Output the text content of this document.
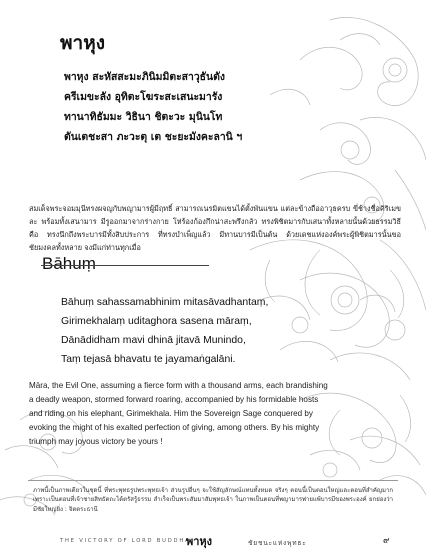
พาหุง
พาหุง สะหัสสะมะภินิมมิตะสาวุธันตัง
ครีเมขะลัง อุทิตะโฆระสะเสนะมารัง
ทานาทิธัมมะ วิธินา ชิตะวะ มุนินโท
ตันเตชะสา ภะวะตุ เต ชะยะมังคะลานิ ฯ
สมเด็จพระจอมมุนีทรงผจญกับพญามารผู้มีฤทธิ์ สามารถเนรมิตแขนได้ตั้งพันแขน แต่ละข้างถืออาวุธครบ ขี่ช้างชื่อคิริเมขละ พร้อมทั้งเสนามาร มีรูออกมาจากร่างกาย โห่ร้องก้องกึกน่าสะพรึงกลัว ทรงพิชิตมารกับเสนาทั้งหลายนั้นด้วยธรรมวิธี คือ ทรงนึกถึงพระบารมีทั้งสิบประการ ที่ทรงบำเพ็ญแล้ว มีทานบารมีเป็นต้น ด้วยเดชแห่งองค์พระผู้พิชิตมารนั้นขอชัยมงคลทั้งหลาย จงมีแก่ท่านทุกเมื่อ
Bāhuṃ
Bāhuṃ sahassamabhinim mitasāvadhantaṃ,
Girimekhalaṃ uditaghora sasena māraṃ,
Dānādidham mavi dhinā jitavā Munindo,
Taṃ tejasā bhavatu te jayamaṅgalāni.
Māra, the Evil One, assuming a fierce form with a thousand arms, each brandishing
a deadly weapon, stormed forward roaring, accompanied by his formidable hosts
and riding on his elephant, Girimekhala. Him the Sovereign Sage conquered by
evoking the might of his exalted perfection of giving, among others. By his mighty
triumph may joyous victory be yours !
ภาพนี้เป็นภาพเดียวในชุดนี้ ที่พระพุทธรูปพระพุทธเจ้า ส่วนรูปอื่นๆ จะใช้สัญลักษณ์แทนทั้งหมด จริงๆ ตอนนี้เป็นตอนใหญ่และตอนที่สำคัญมาก เพราะเป็นตอนที่เจ้าชายสิทธัตถะได้ตรัสรู้ธรรม สำเร็จเป็นพระสัมมาสัมพุทธเจ้า ในภาพเป็นตอนที่พญามารพ่ายแพ้บารมีของพระองค์ ยกย่องว่ามีชัยใหญ่ยิ่ง : จิตตระธานี
THE VICTORY OF LORD BUDDHA
พาหุง	ชัยชนะแห่งพุทธะ	๙
